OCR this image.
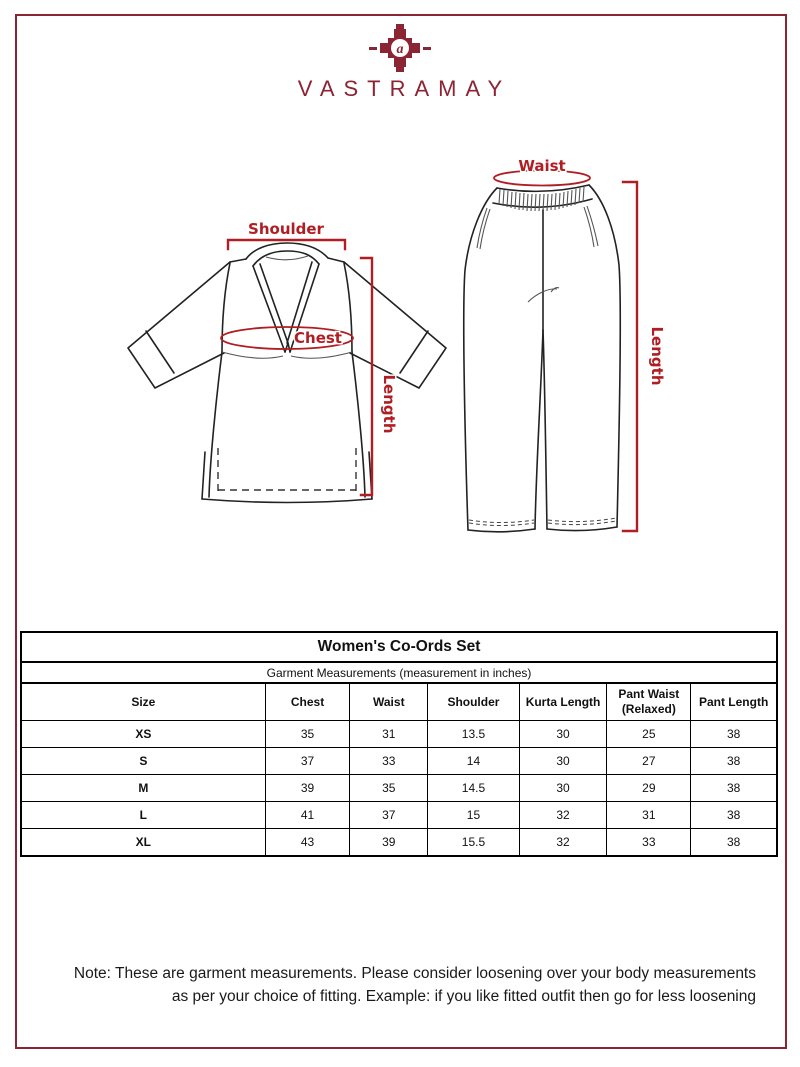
a
VASTRAMAY
Shoulder
Chest
Length
Waist
Length
Women's Co-Ords Set						
Garment Measurements (measurement in inches)						
Size	Chest	Waist	Shoulder	Kurta Length	Pant Waist (Relaxed)	Pant Length
XS	35	31	13.5	30	25	38
S	37	33	14	30	27	38
M	39	35	14.5	30	29	38
L	41	37	15	32	31	38
XL	43	39	15.5	32	33	38
Note: These are garment measurements. Please consider loosening over your body measurements
as per your choice of fitting. Example: if you like fitted outfit then go for less loosening
